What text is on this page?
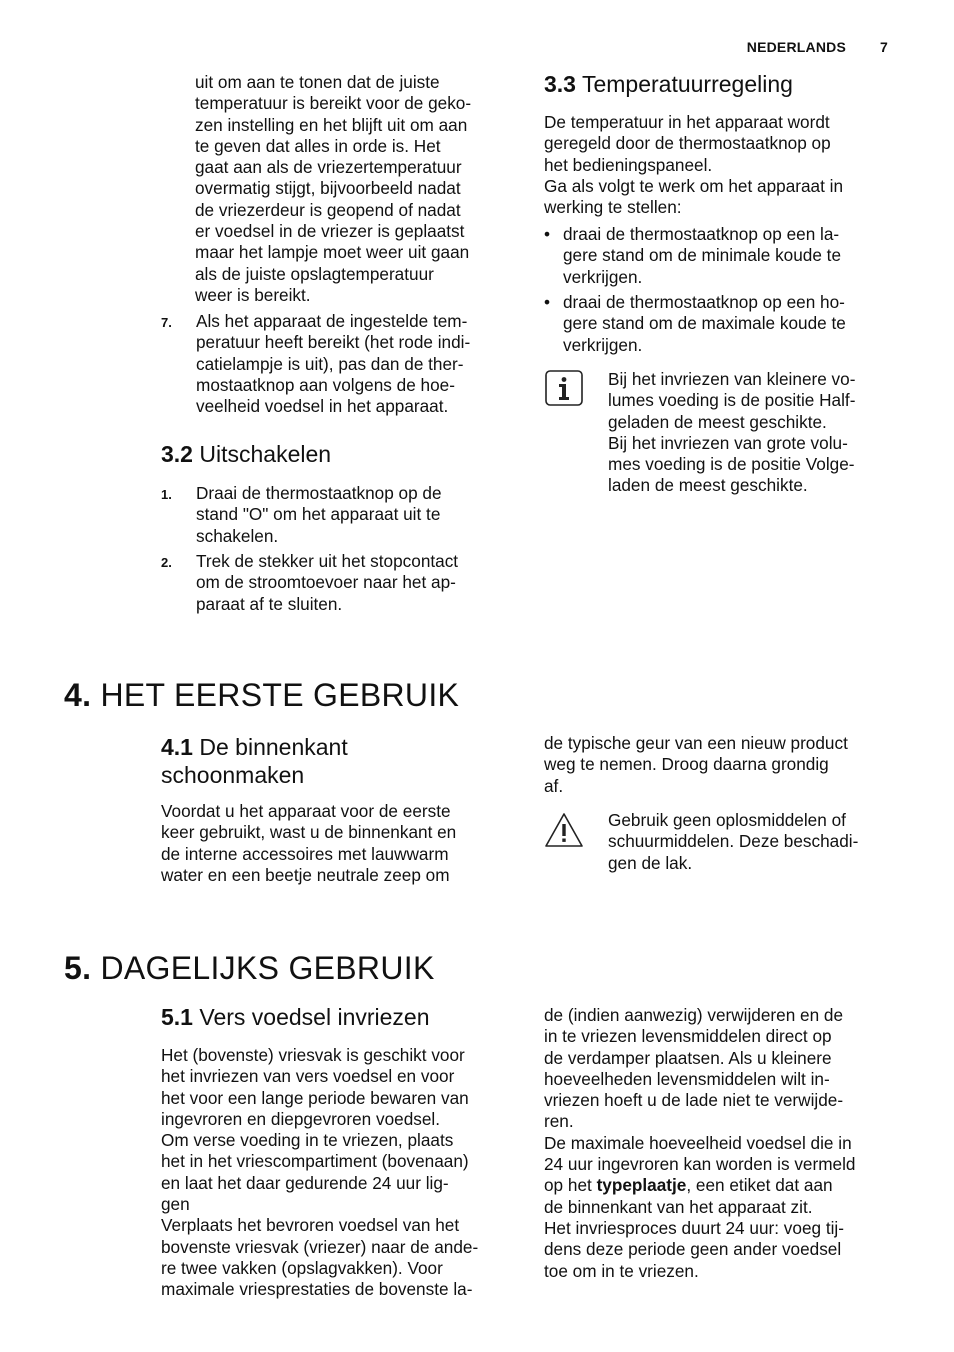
NEDERLANDS 7

uit om aan te tonen dat de juiste
temperatuur is bereikt voor de geko-
zen instelling en het blijft uit om aan
te geven dat alles in orde is. Het
gaat aan als de vriezertemperatuur
overmatig stijgt, bijvoorbeeld nadat
de vriezerdeur is geopend of nadat
er voedsel in de vriezer is geplaatst
maar het lampje moet weer uit gaan
als de juiste opslagtemperatuur
weer is bereikt.

7. Als het apparaat de ingestelde tem-
peratuur heeft bereikt (het rode indi-
catielampje is uit), pas dan de ther-
mostaatknop aan volgens de hoe-
veelheid voedsel in het apparaat.

3.2 Uitschakelen
1. Draai de thermostaatknop op de
stand "O" om het apparaat uit te
schakelen.

2. Trek de stekker uit het stopcontact
om de stroomtoevoer naar het ap-
paraat af te sluiten.

3.3 Temperatuurregeling

De temperatuur in het apparaat wordt
geregeld door de thermostaatknop op
het bedieningspaneel.
Ga als volgt te werk om het apparaat in
werking te stellen:

• draai de thermostaatknop op een la-
gere stand om de minimale koude te
verkrijgen.

• draai de thermostaatknop op een ho-
gere stand om de maximale koude te
verkrijgen.

Bij het invriezen van kleinere vo-
lumes voeding is de positie Half-
geladen de meest geschikte.
Bij het invriezen van grote volu-
mes voeding is de positie Volge-
laden de meest geschikte.

4. HET EERSTE GEBRUIK
4.1 De binnenkant
schoonmaken

Voordat u het apparaat voor de eerste
keer gebruikt, wast u de binnenkant en
de interne accessoires met lauwwarm
water en een beetje neutrale zeep om

de typische geur van een nieuw product
weg te nemen. Droog daarna grondig
af.

Gebruik geen oplosmiddelen of
schuurmiddelen. Deze beschadi-
gen de lak.

5. DAGELIJKS GEBRUIK
5.1 Vers voedsel invriezen

Het (bovenste) vriesvak is geschikt voor
het invriezen van vers voedsel en voor
het voor een lange periode bewaren van
ingevroren en diepgevroren voedsel.
Om verse voeding in te vriezen, plaats
het in het vriescompartiment (bovenaan)
en laat het daar gedurende 24 uur lig-
gen
Verplaats het bevroren voedsel van het
bovenste vriesvak (vriezer) naar de ande-
re twee vakken (opslagvakken). Voor
maximale vriesprestaties de bovenste la-

de (indien aanwezig) verwijderen en de
in te vriezen levensmiddelen direct op
de verdamper plaatsen. Als u kleinere
hoeveelheden levensmiddelen wilt in-
vriezen hoeft u de lade niet te verwijde-
ren.
De maximale hoeveelheid voedsel die in
24 uur ingevroren kan worden is vermeld
op het typeplaatje, een etiket dat aan
de binnenkant van het apparaat zit.
Het invriesproces duurt 24 uur: voeg tij-
dens deze periode geen ander voedsel
toe om in te vriezen.
